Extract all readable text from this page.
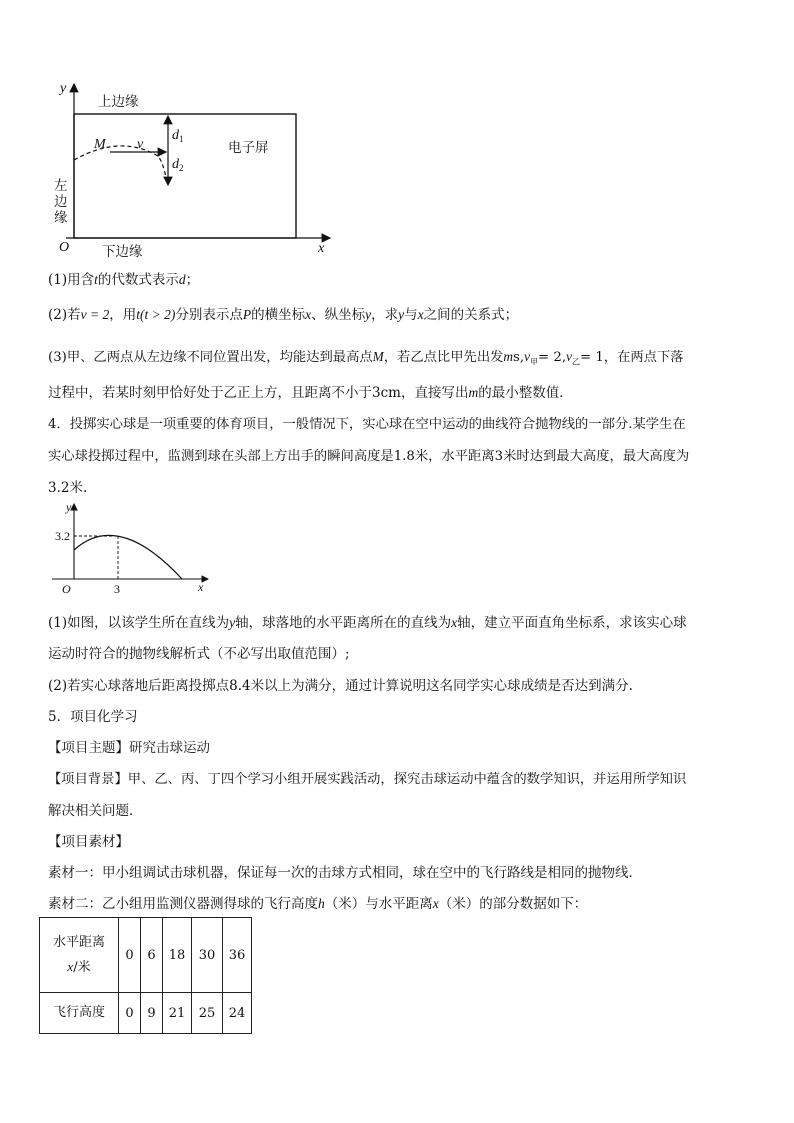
y
x
O
上边缘
下边缘
左
边
缘
电子屏
M v
$d_1$
$d_2$
(1)用含t的代数式表示d；
(2)若v = 2，用t(t > 2)分别表示点P的横坐标x、纵坐标y，求y与x之间的关系式；
(3)甲、乙两点从左边缘不同位置出发，均能达到最高点M，若乙点比甲先出发$ms,v_甲= 2,v_乙= 1$，在两点下落
过程中，若某时刻甲恰好处于乙正上方，且距离不小于3cm，直接写出m的最小整数值．
4．投掷实心球是一项重要的体育项目，一般情况下，实心球在空中运动的曲线符合抛物线的一部分.某学生在
实心球投掷过程中，监测到球在头部上方出手的瞬间高度是1.8米，水平距离3米时达到最大高度，最大高度为
3.2米.
y
x
O
3.2
3
(1)如图，以该学生所在直线为y轴，球落地的水平距离所在的直线为x轴，建立平面直角坐标系，求该实心球
运动时符合的抛物线解析式（不必写出取值范围）;
(2)若实心球落地后距离投掷点8.4米以上为满分，通过计算说明这名同学实心球成绩是否达到满分.
5．项目化学习
【项目主题】研究击球运动
【项目背景】甲、乙、丙、丁四个学习小组开展实践活动，探究击球运动中蕴含的数学知识，并运用所学知识
解决相关问题．
【项目素材】
素材一：甲小组调试击球机器，保证每一次的击球方式相同，球在空中的飞行路线是相同的抛物线．
素材二：乙小组用监测仪器测得球的飞行高度h（米）与水平距离x（米）的部分数据如下：
水平距离
x/米	0	6	18	30	36
飞行高度	0	9	21	25	24
